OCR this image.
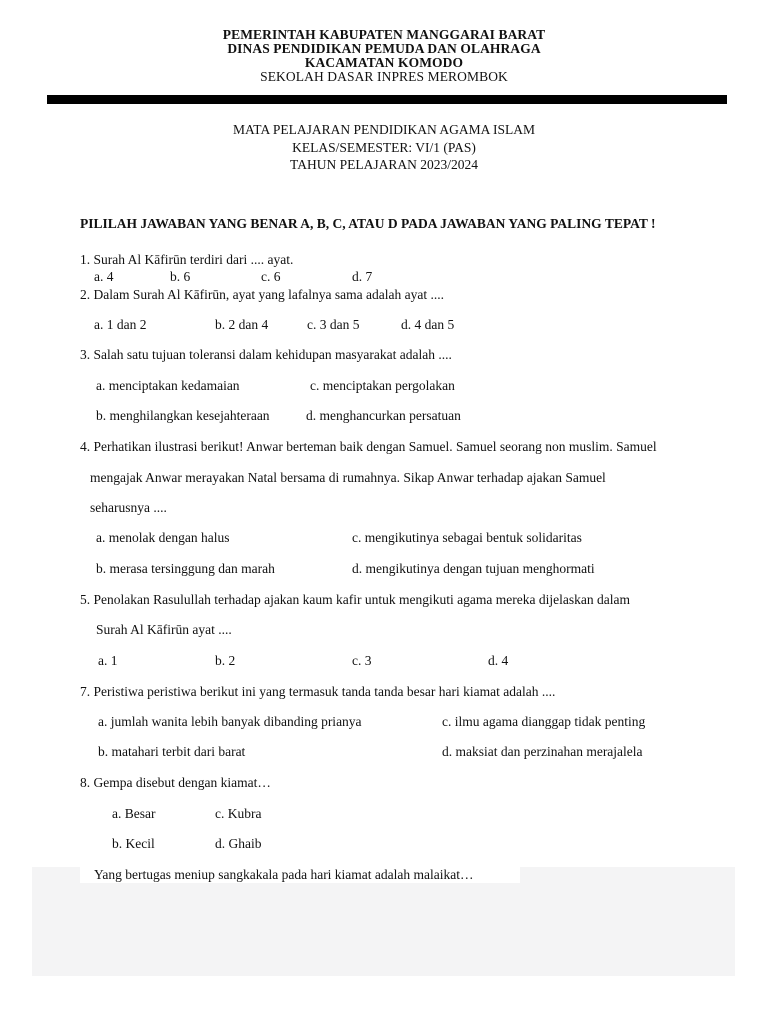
PEMERINTAH KABUPATEN MANGGARAI BARAT
DINAS PENDIDIKAN PEMUDA DAN OLAHRAGA
KACAMATAN KOMODO
SEKOLAH DASAR INPRES MEROMBOK
MATA PELAJARAN PENDIDIKAN AGAMA ISLAM
KELAS/SEMESTER: VI/1 (PAS)
TAHUN PELAJARAN 2023/2024
PILILAH JAWABAN YANG BENAR A, B, C, ATAU D PADA JAWABAN YANG PALING TEPAT !
1. Surah Al Kāfirūn terdiri dari .... ayat.
a. 4	b. 6	c. 6	d. 7
2. Dalam Surah Al Kāfirūn, ayat yang lafalnya sama adalah ayat ....
a. 1 dan 2	b. 2 dan 4	c. 3 dan 5	d. 4 dan 5
3. Salah satu tujuan toleransi dalam kehidupan masyarakat adalah ....
a. menciptakan kedamaian	c. menciptakan pergolakan
b. menghilangkan kesejahteraan	d. menghancurkan persatuan
4. Perhatikan ilustrasi berikut! Anwar berteman baik dengan Samuel. Samuel seorang non muslim. Samuel
mengajak Anwar merayakan Natal bersama di rumahnya. Sikap Anwar terhadap ajakan Samuel
seharusnya ....
a. menolak dengan halus	c. mengikutinya sebagai bentuk solidaritas
b. merasa tersinggung dan marah	d. mengikutinya dengan tujuan menghormati
5. Penolakan Rasulullah terhadap ajakan kaum kafir untuk mengikuti agama mereka dijelaskan dalam
Surah Al Kāfirūn ayat ....
a. 1	b. 2	c. 3	d. 4
7. Peristiwa peristiwa berikut ini yang termasuk tanda tanda besar hari kiamat adalah ....
a. jumlah wanita lebih banyak dibanding prianya	c. ilmu agama dianggap tidak penting
b. matahari terbit dari barat	d. maksiat dan perzinahan merajalela
8. Gempa disebut dengan kiamat…
a. Besar	c. Kubra
b. Kecil	d. Ghaib
Yang bertugas meniup sangkakala pada hari kiamat adalah malaikat…
